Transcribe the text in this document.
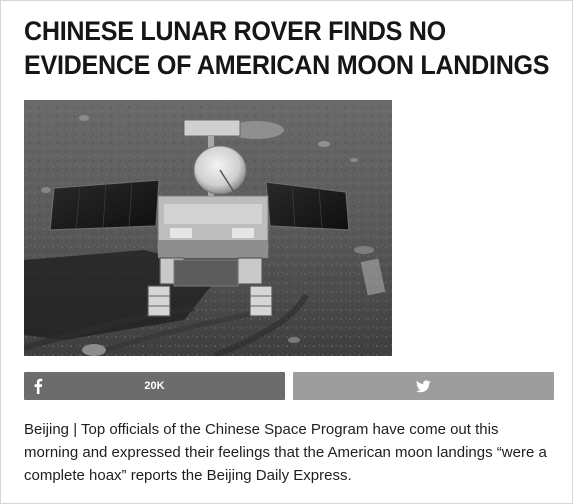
CHINESE LUNAR ROVER FINDS NO
EVIDENCE OF AMERICAN MOON LANDINGS
20K

Beijing | Top officials of the Chinese Space Program have come out this morning and expressed their feelings that the American moon landings “were a complete hoax” reports the Beijing Daily Express.
